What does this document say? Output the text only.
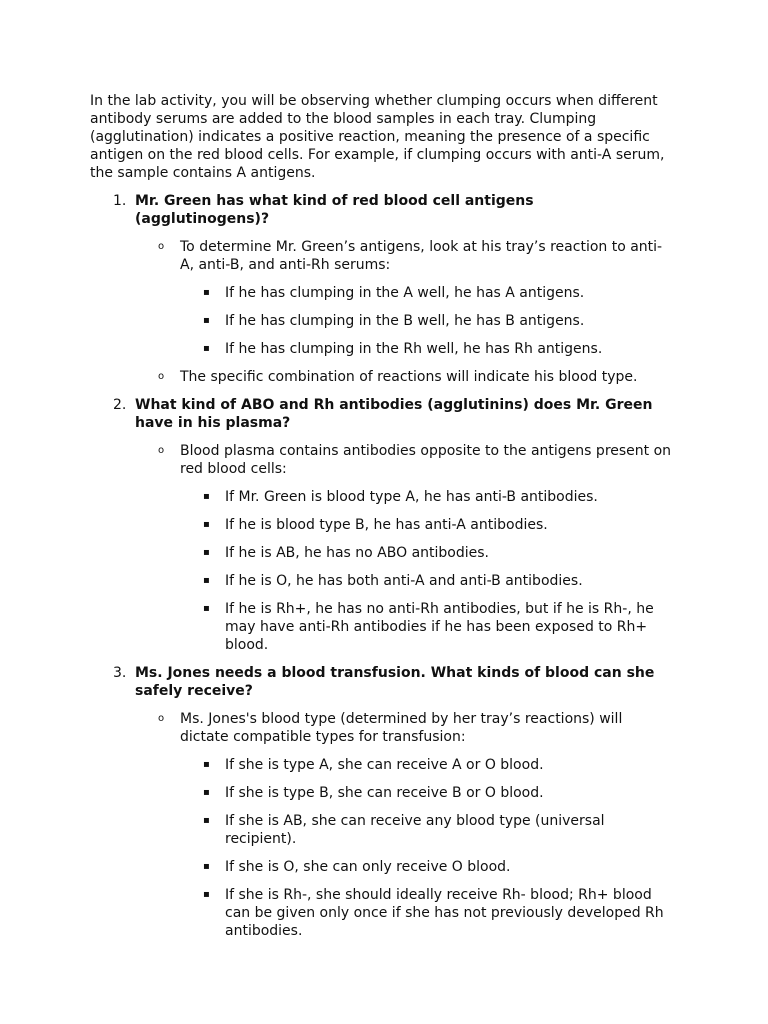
In the lab activity, you will be observing whether clumping occurs when different antibody serums are added to the blood samples in each tray. Clumping (agglutination) indicates a positive reaction, meaning the presence of a specific antigen on the red blood cells. For example, if clumping occurs with anti-A serum, the sample contains A antigens.

1. Mr. Green has what kind of red blood cell antigens (agglutinogens)?
o	To determine Mr. Green’s antigens, look at his tray’s reaction to anti-A, anti-B, and anti-Rh serums:
▪	If he has clumping in the A well, he has A antigens.
▪	If he has clumping in the B well, he has B antigens.
▪	If he has clumping in the Rh well, he has Rh antigens.
o	The specific combination of reactions will indicate his blood type.
2. What kind of ABO and Rh antibodies (agglutinins) does Mr. Green have in his plasma?
o	Blood plasma contains antibodies opposite to the antigens present on red blood cells:
▪	If Mr. Green is blood type A, he has anti-B antibodies.
▪	If he is blood type B, he has anti-A antibodies.
▪	If he is AB, he has no ABO antibodies.
▪	If he is O, he has both anti-A and anti-B antibodies.
▪	If he is Rh+, he has no anti-Rh antibodies, but if he is Rh-, he may have anti-Rh antibodies if he has been exposed to Rh+ blood.
3. Ms. Jones needs a blood transfusion. What kinds of blood can she safely receive?
o	Ms. Jones's blood type (determined by her tray’s reactions) will dictate compatible types for transfusion:
▪	If she is type A, she can receive A or O blood.
▪	If she is type B, she can receive B or O blood.
▪	If she is AB, she can receive any blood type (universal recipient).
▪	If she is O, she can only receive O blood.
▪	If she is Rh-, she should ideally receive Rh- blood; Rh+ blood can be given only once if she has not previously developed Rh antibodies.
